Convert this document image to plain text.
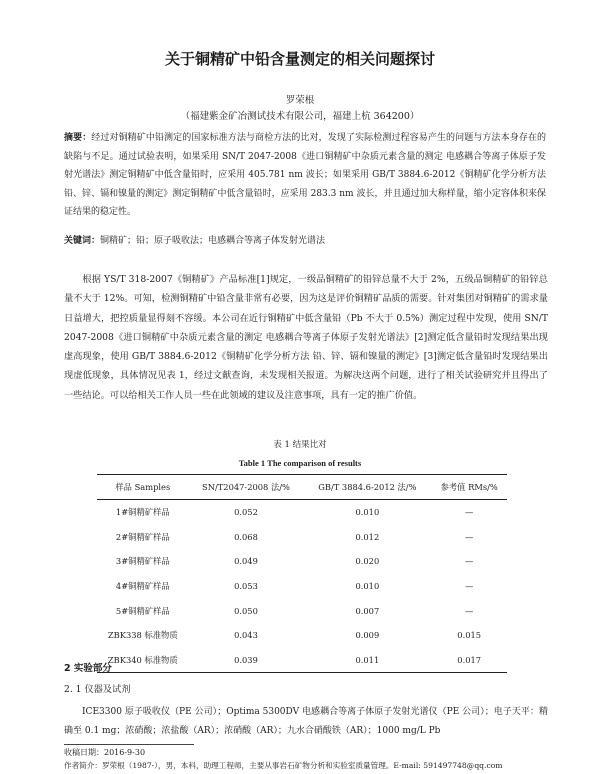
关于铜精矿中铅含量测定的相关问题探讨
罗荣根
（福建紫金矿冶测试技术有限公司，福建上杭 364200）
摘要：经过对铜精矿中铅测定的国家标准方法与商检方法的比对，发现了实际检测过程容易产生的问题与方法本身存在的缺陷与不足。通过试验表明，如果采用 SN/T 2047-2008《进口铜精矿中杂质元素含量的测定 电感耦合等离子体原子发射光谱法》测定铜精矿中低含量铅时，应采用 405.781 nm 波长；如果采用 GB/T 3884.6-2012《铜精矿化学分析方法 铅、锌、镉和镍量的测定》测定铜精矿中低含量铅时，应采用 283.3 nm 波长，并且通过加大称样量，缩小定容体积来保证结果的稳定性。
关键词：铜精矿；铅；原子吸收法；电感耦合等离子体发射光谱法
根据 YS/T 318-2007《铜精矿》产品标准[1]规定，一级品铜精矿的铅锌总量不大于 2%，五级品铜精矿的铅锌总量不大于 12%。可知，检测铜精矿中铅含量非常有必要，因为这是评价铜精矿品质的需要。针对集团对铜精矿的需求量日益增大，把控质量显得刻不容缓。本公司在近行铜精矿中低含量铅（Pb 不大于 0.5%）测定过程中发现，使用 SN/T 2047-2008《进口铜精矿中杂质元素含量的测定 电感耦合等离子体原子发射光谱法》[2]测定低含量铅时发现结果出现虚高现象，使用 GB/T 3884.6-2012《铜精矿化学分析方法 铅、锌、镉和镍量的测定》[3]测定低含量铅时发现结果出现虚低现象，具体情况见表 1，经过文献查询，未发现相关报道。为解决这两个问题，进行了相关试验研究并且得出了一些结论。可以给相关工作人员一些在此领域的建议及注意事项，具有一定的推广价值。
表 1 结果比对
Table 1 The comparison of results
样品 Samples	SN/T2047-2008 法/%	GB/T 3884.6-2012 法/%	参考值 RMs/%
1#铜精矿样品	0.052	0.010	—
2#铜精矿样品	0.068	0.012	—
3#铜精矿样品	0.049	0.020	—
4#铜精矿样品	0.053	0.010	—
5#铜精矿样品	0.050	0.007	—
ZBK338 标准物质	0.043	0.009	0.015
ZBK340 标准物质	0.039	0.011	0.017
2 实验部分
2. 1 仪器及试剂
ICE3300 原子吸收仪（PE 公司）；Optima 5300DV 电感耦合等离子体原子发射光谱仪（PE 公司）；电子天平：精确至 0.1 mg；浓硝酸；浓盐酸（AR）；浓硝酸（AR）；九水合硝酸铁（AR）；1000 mg/L Pb
收稿日期：2016-9-30
作者简介：罗荣根（1987-），男，本科，助理工程师，主要从事岩石矿物分析和实验室质量管理。E-mail: 591497748@qq.com
